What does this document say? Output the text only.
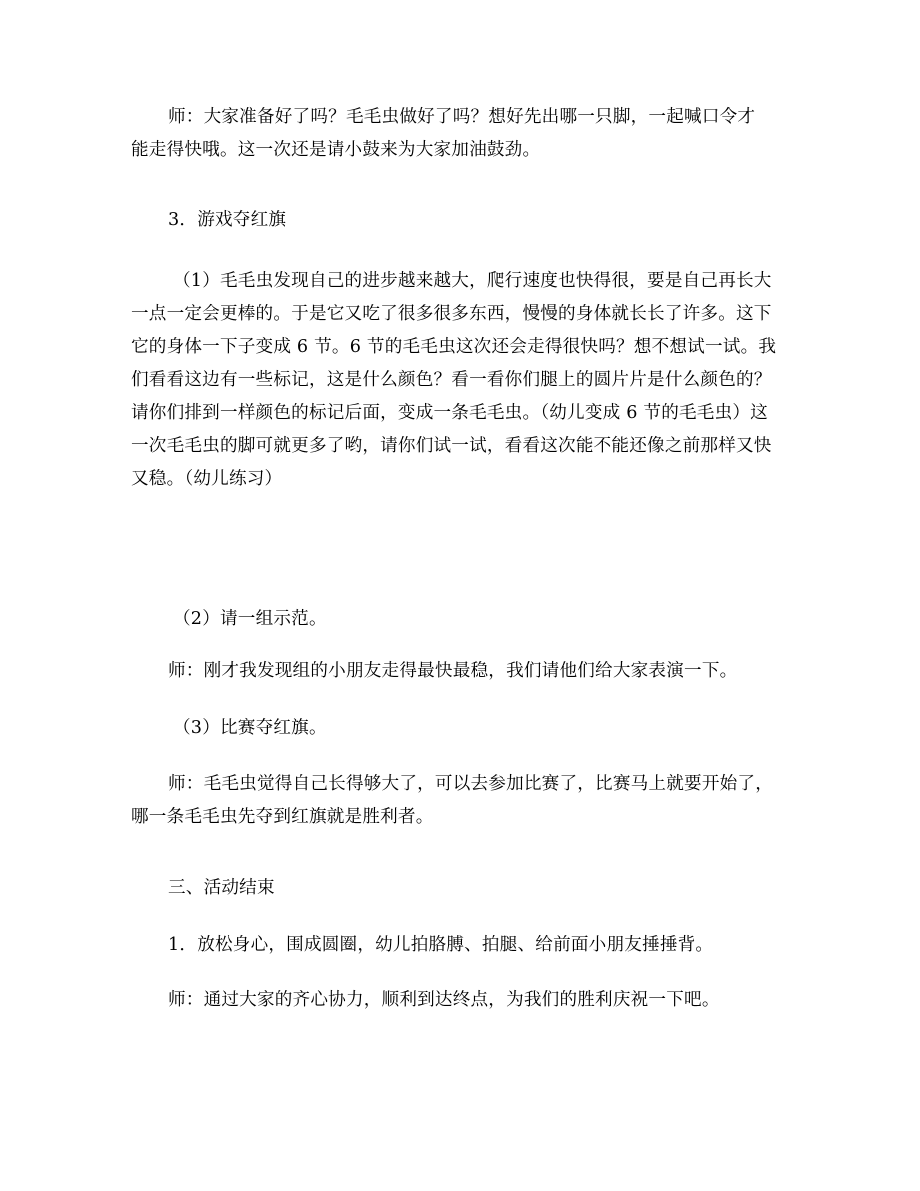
师：大家准备好了吗？毛毛虫做好了吗？想好先出哪一只脚，一起喊口令才
能走得快哦。这一次还是请小鼓来为大家加油鼓劲。
3．游戏夺红旗
（1）毛毛虫发现自己的进步越来越大，爬行速度也快得很，要是自己再长大
一点一定会更棒的。于是它又吃了很多很多东西，慢慢的身体就长长了许多。这下
它的身体一下子变成 6 节。6 节的毛毛虫这次还会走得很快吗？想不想试一试。我
们看看这边有一些标记，这是什么颜色？看一看你们腿上的圆片片是什么颜色的？
请你们排到一样颜色的标记后面，变成一条毛毛虫。（幼儿变成 6 节的毛毛虫）这
一次毛毛虫的脚可就更多了哟，请你们试一试，看看这次能不能还像之前那样又快
又稳。（幼儿练习）
（2）请一组示范。
师：刚才我发现组的小朋友走得最快最稳，我们请他们给大家表演一下。
（3）比赛夺红旗。
师：毛毛虫觉得自己长得够大了，可以去参加比赛了，比赛马上就要开始了，
哪一条毛毛虫先夺到红旗就是胜利者。
三、活动结束
1．放松身心，围成圆圈，幼儿拍胳膊、拍腿、给前面小朋友捶捶背。
师：通过大家的齐心协力，顺利到达终点，为我们的胜利庆祝一下吧。
